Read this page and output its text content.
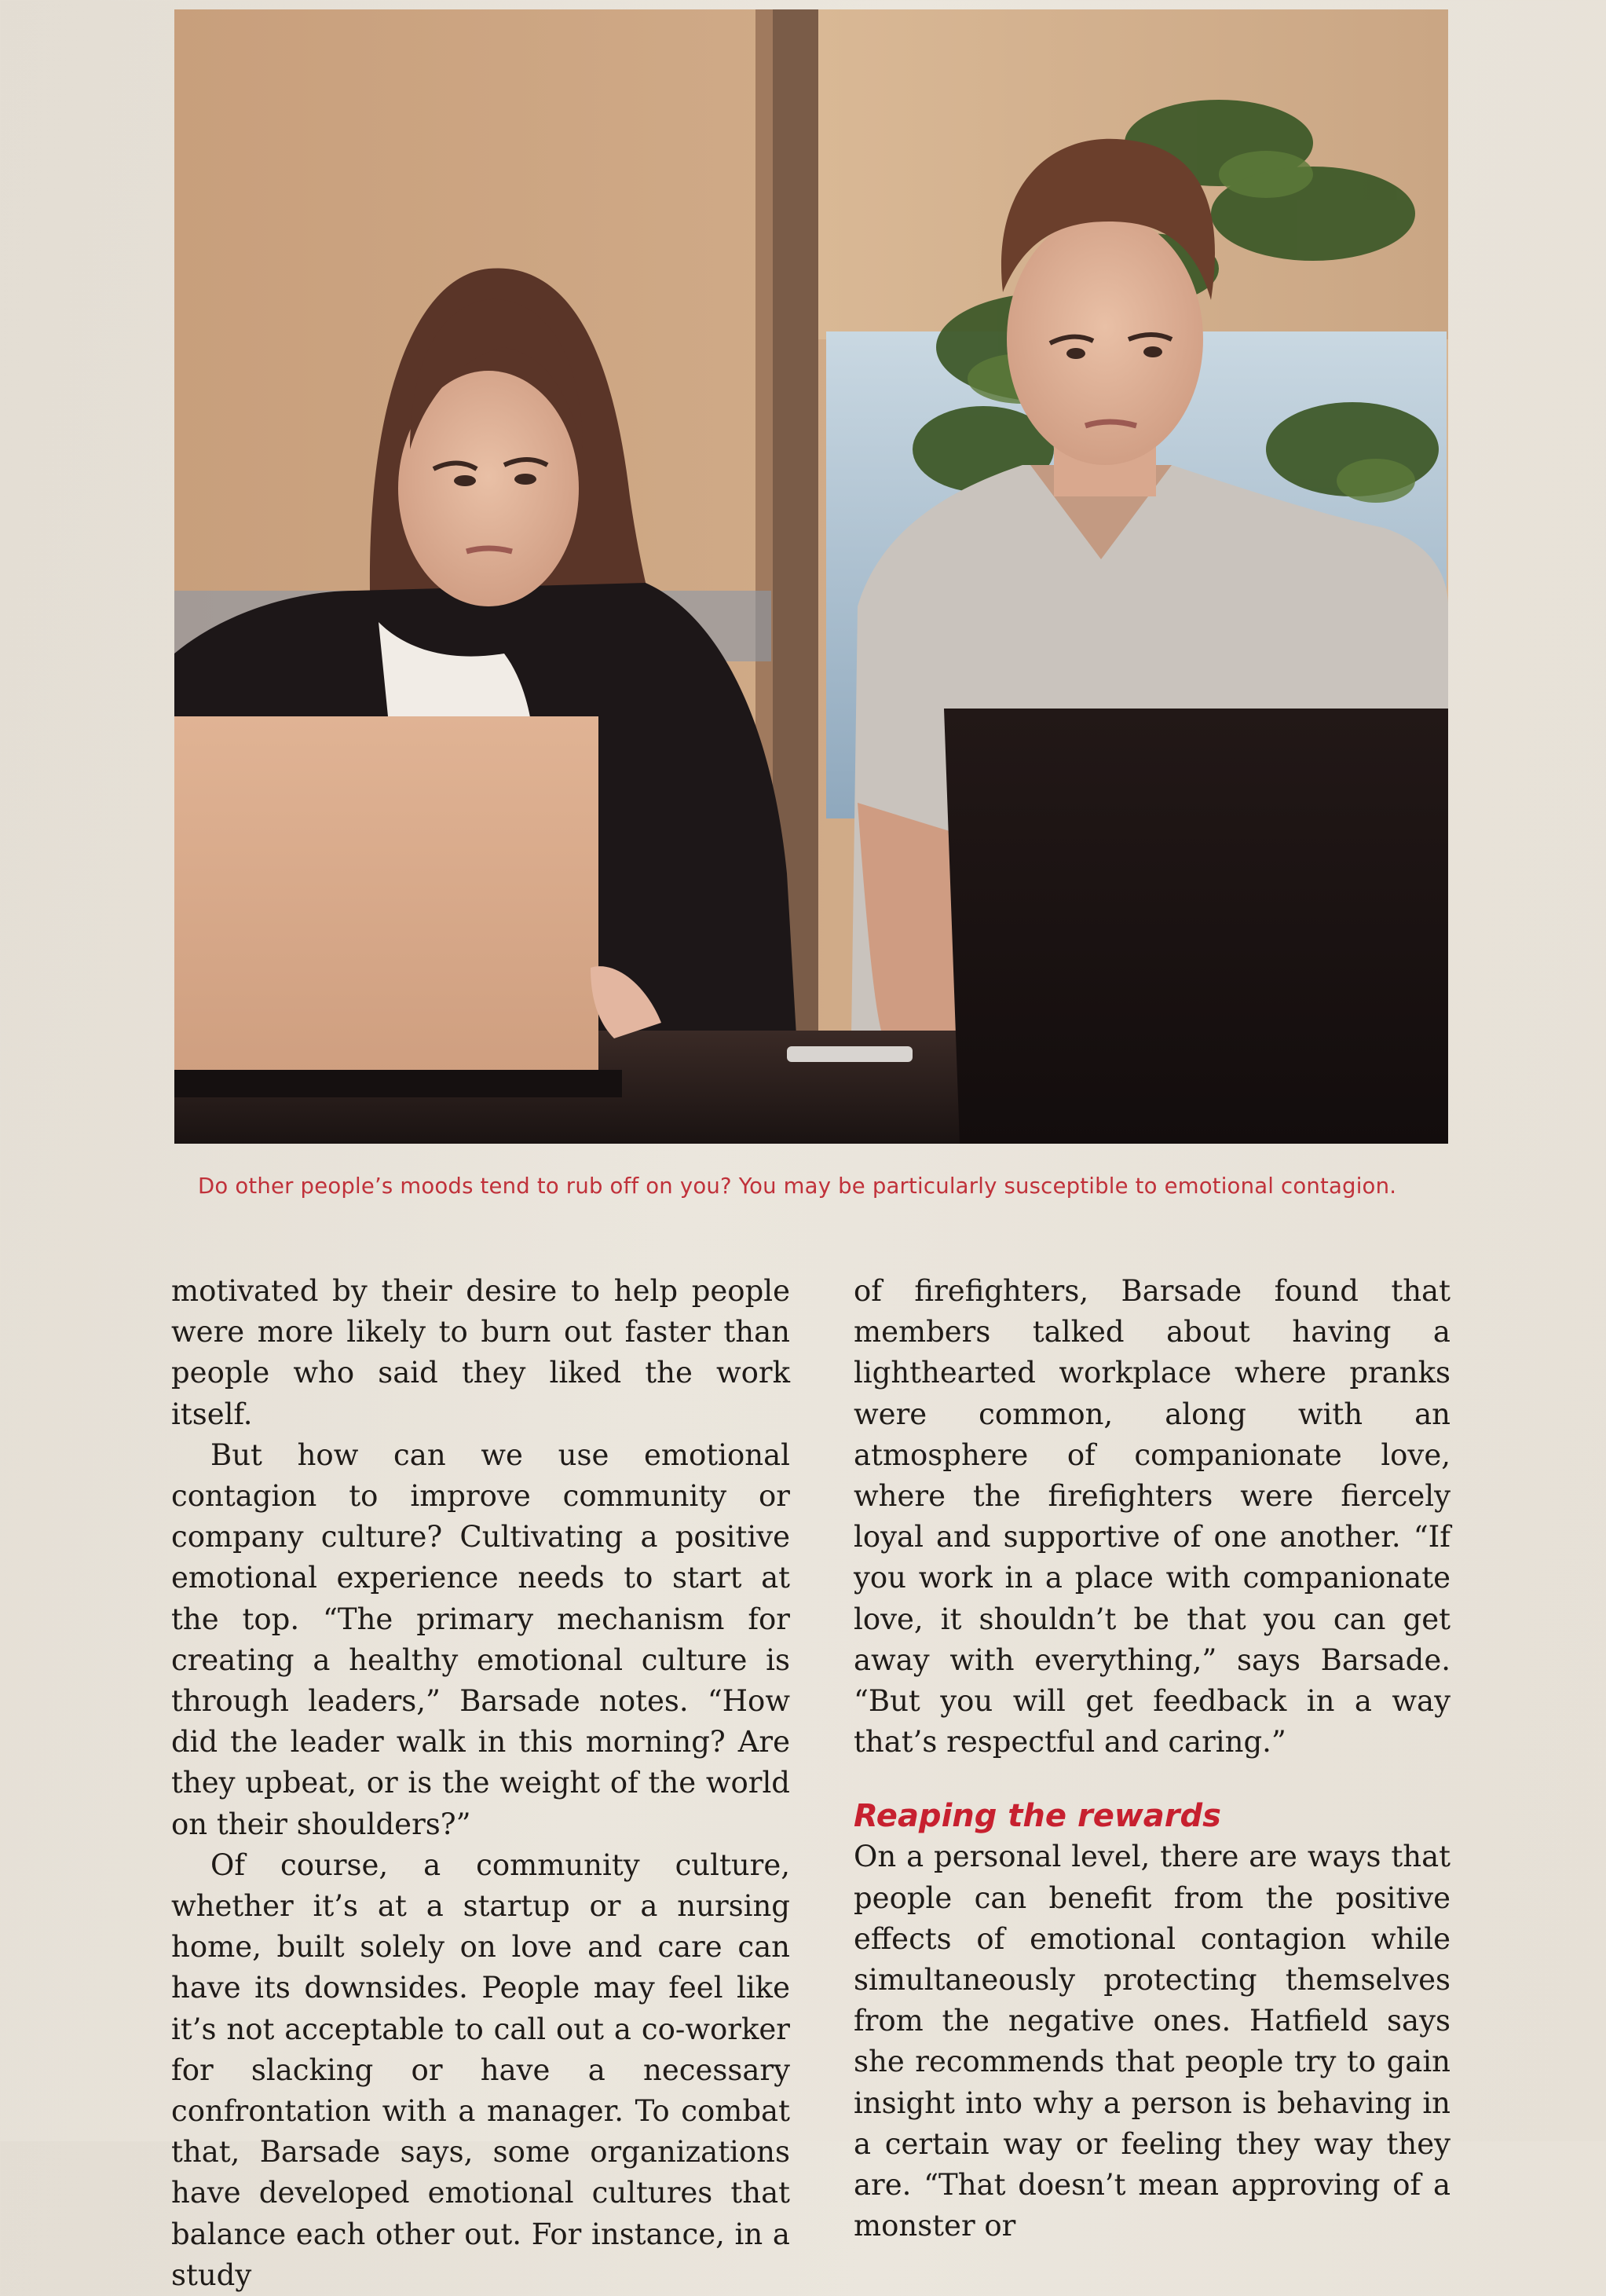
Do other people’s moods tend to rub off on you? You may be particularly susceptible to emotional contagion.

motivated by their desire to help people were more likely to burn out faster than people who said they liked the work itself.

But how can we use emotional contagion to improve community or company culture? Cultivating a positive emotional experience needs to start at the top. “The primary mechanism for creating a healthy emotional culture is through leaders,” Barsade notes. “How did the leader walk in this morning? Are they upbeat, or is the weight of the world on their shoulders?”

Of course, a community culture, whether it’s at a startup or a nursing home, built solely on love and care can have its downsides. People may feel like it’s not acceptable to call out a co-worker for slacking or have a necessary confrontation with a manager. To combat that, Barsade says, some organizations have developed emotional cultures that balance each other out. For instance, in a study

of firefighters, Barsade found that members talked about having a lighthearted workplace where pranks were common, along with an atmosphere of companionate love, where the firefighters were fiercely loyal and supportive of one another. “If you work in a place with companionate love, it shouldn’t be that you can get away with everything,” says Barsade. “But you will get feedback in a way that’s respectful and caring.”

Reaping the rewards

On a personal level, there are ways that people can benefit from the positive effects of emotional contagion while simultaneously protecting themselves from the negative ones. Hatfield says she recommends that people try to gain insight into why a person is behaving in a certain way or feeling they way they are. “That doesn’t mean approving of a monster or
